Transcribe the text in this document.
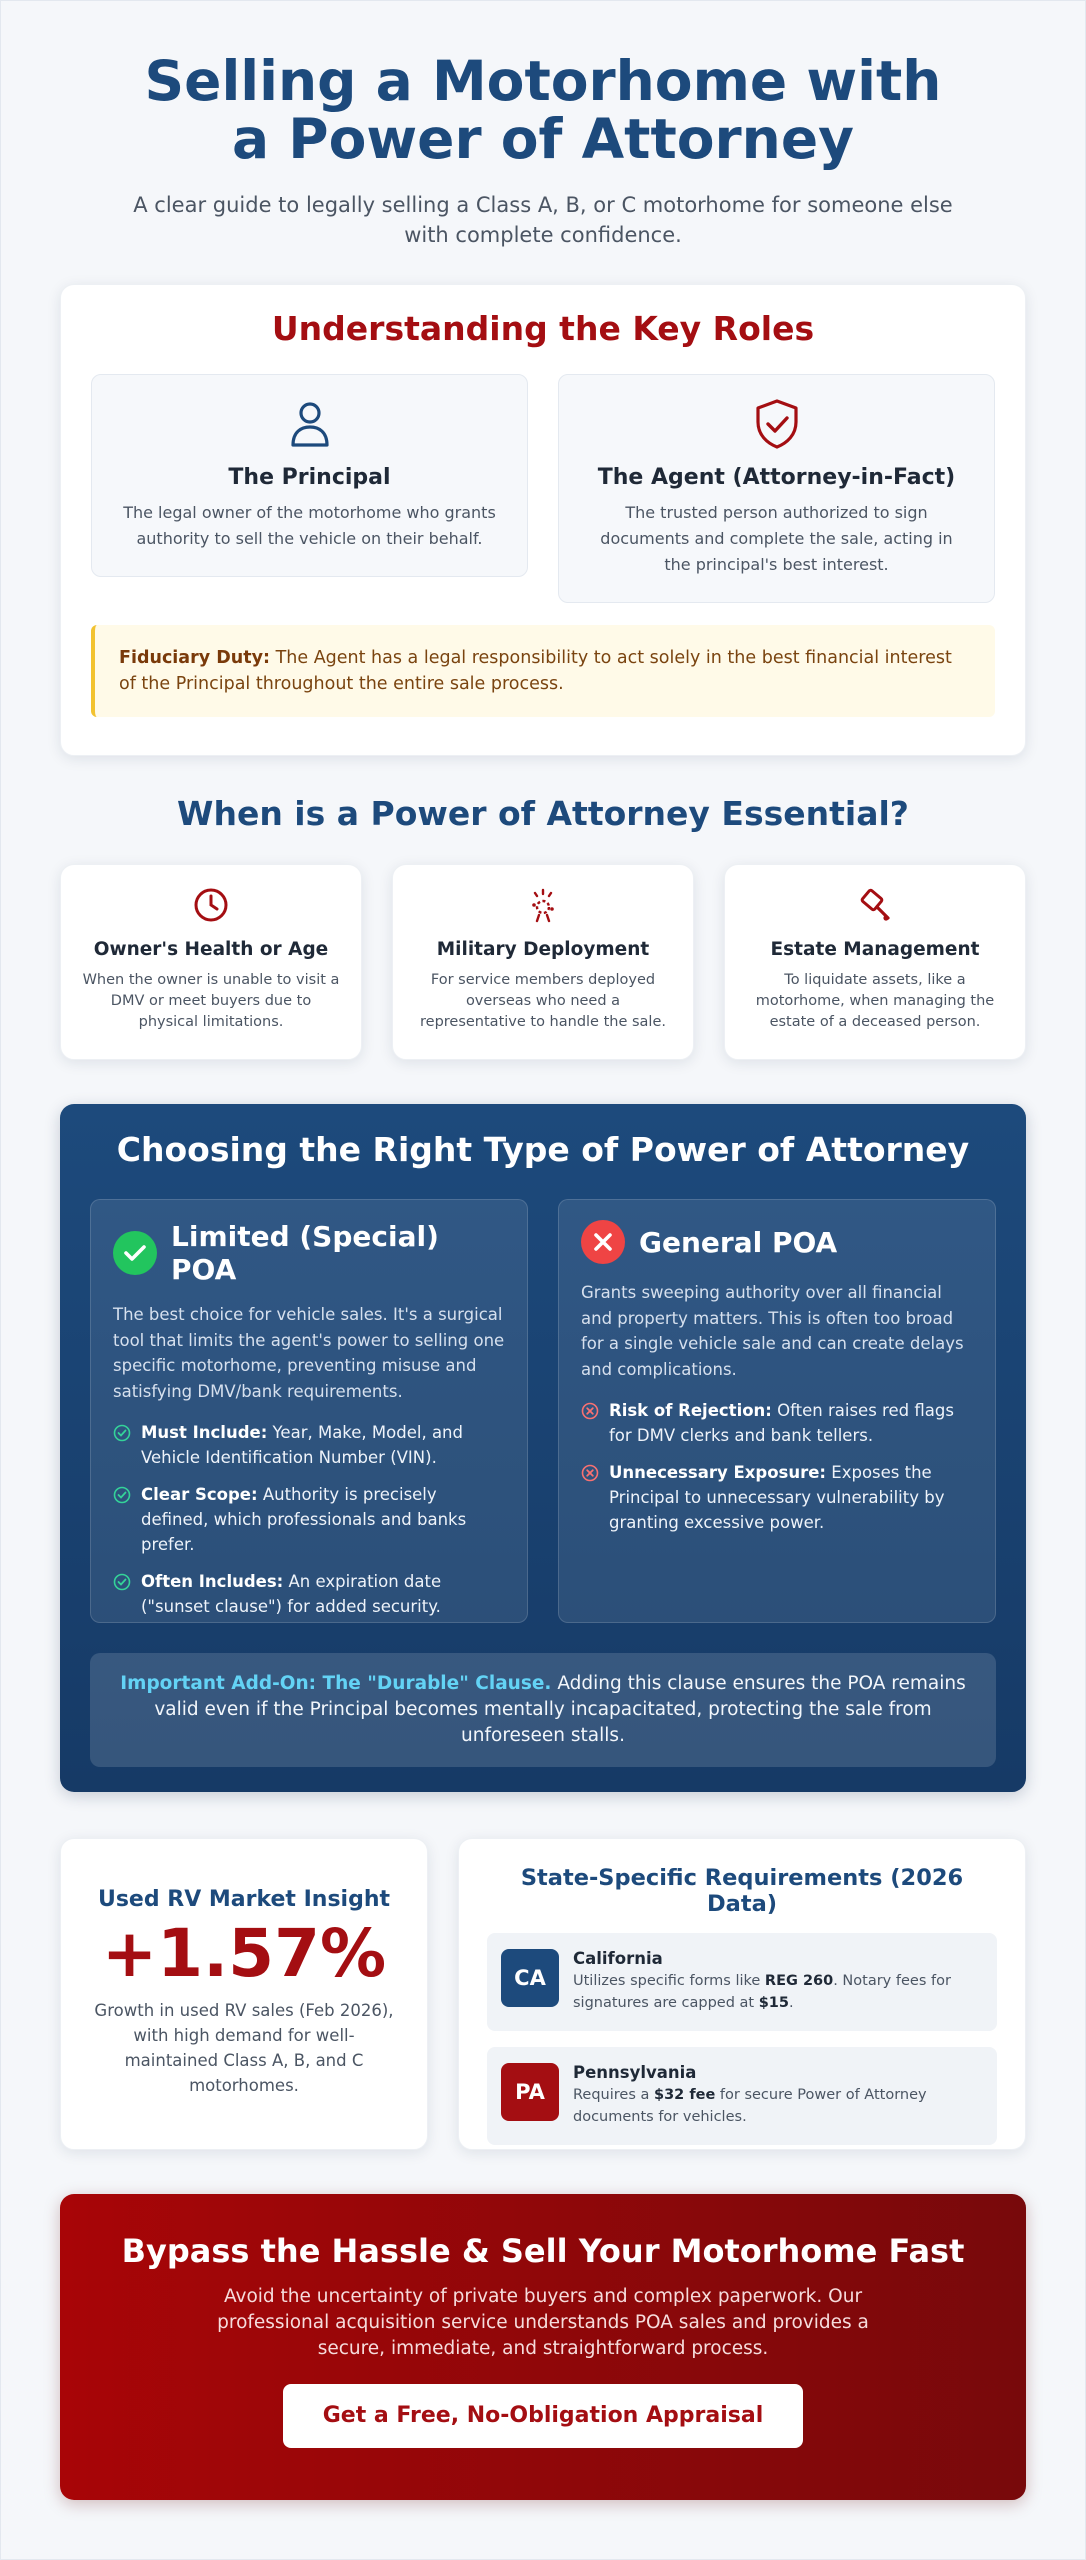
Selling a Motorhome with a Power of Attorney

A clear guide to legally selling a Class A, B, or C motorhome for someone else with complete confidence.

Understanding the Key Roles
The Principal

The legal owner of the motorhome who grants authority to sell the vehicle on their behalf.

The Agent (Attorney-in-Fact)

The trusted person authorized to sign documents and complete the sale, acting in the principal's best interest.

Fiduciary Duty: The Agent has a legal responsibility to act solely in the best financial interest of the Principal throughout the entire sale process.
When is a Power of Attorney Essential?
Owner's Health or Age

When the owner is unable to visit a DMV or meet buyers due to physical limitations.

Military Deployment

For service members deployed overseas who need a representative to handle the sale.

Estate Management

To liquidate assets, like a motorhome, when managing the estate of a deceased person.

Choosing the Right Type of Power of Attorney
Limited (Special) POA

The best choice for vehicle sales. It's a surgical tool that limits the agent's power to selling one specific motorhome, preventing misuse and satisfying DMV/bank requirements.

Must Include: Year, Make, Model, and Vehicle Identification Number (VIN).
Clear Scope: Authority is precisely defined, which professionals and banks prefer.
Often Includes: An expiration date ("sunset clause") for added security.
General POA

Grants sweeping authority over all financial and property matters. This is often too broad for a single vehicle sale and can create delays and complications.

Risk of Rejection: Often raises red flags for DMV clerks and bank tellers.
Unnecessary Exposure: Exposes the Principal to unnecessary vulnerability by granting excessive power.
Important Add-On: The "Durable" Clause. Adding this clause ensures the POA remains valid even if the Principal becomes mentally incapacitated, protecting the sale from unforeseen stalls.
Used RV Market Insight
+1.57%

Growth in used RV sales (Feb 2026), with high demand for well-maintained Class A, B, and C motorhomes.

State-Specific Requirements (2026 Data)
CA
California

Utilizes specific forms like REG 260. Notary fees for signatures are capped at $15.

PA
Pennsylvania

Requires a $32 fee for secure Power of Attorney documents for vehicles.

Bypass the Hassle & Sell Your Motorhome Fast

Avoid the uncertainty of private buyers and complex paperwork. Our professional acquisition service understands POA sales and provides a secure, immediate, and straightforward process.

Get a Free, No-Obligation Appraisal
